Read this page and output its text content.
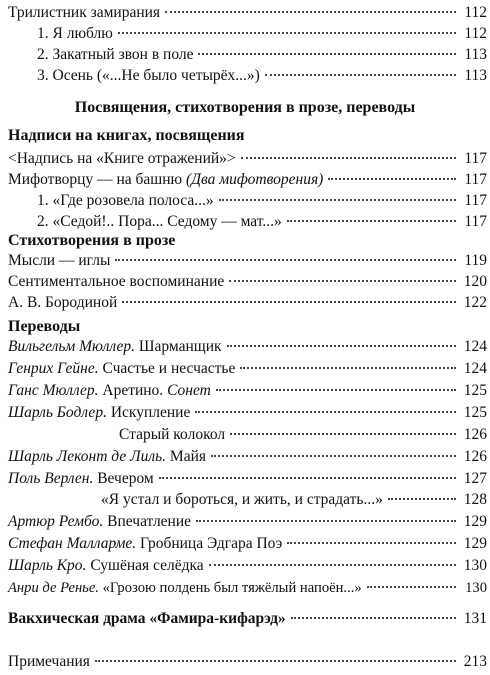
Трилистник замирания	112
1. Я люблю	112
2. Закатный звон в поле	113
3. Осень («...Не было четырёх...»)	113
Посвящения, стихотворения в прозе, переводы
Надписи на книгах, посвящения
<Надпись на «Книге отражений»>	117
Мифотворцу — на башню (Два мифотворения)	117
1. «Где розовела полоса...»	117
2. «Седой!.. Пора... Седому — мат...»	117
Стихотворения в прозе
Мысли — иглы	119
Сентиментальное воспоминание	120
А. В. Бородиной	122
Переводы
Вильгельм Мюллер. Шарманщик	124
Генрих Гейне. Счастье и несчастье	124
Ганс Мюллер. Аретино. Сонет	125
Шарль Бодлер. Искупление	125
Старый колокол	126
Шарль Леконт де Лиль. Майя	126
Поль Верлен. Вечером	127
«Я устал и бороться, и жить, и страдать...»	128
Артюр Рембо. Впечатление	129
Стефан Малларме. Гробница Эдгара Поэ	129
Шарль Кро. Сушёная селёдка	130
Анри де Ренье. «Грозою полдень был тяжёлый напоён...»	130
Вакхическая драма «Фамира-кифарэд»	131
Примечания	213
